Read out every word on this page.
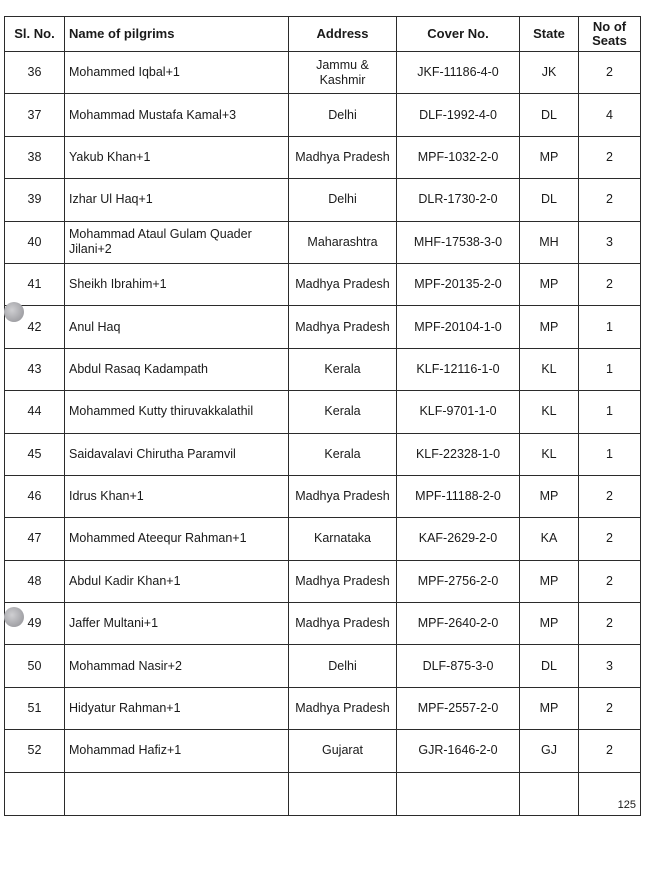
Sl. No.	Name of pilgrims	Address	Cover No.	State	No of Seats
36	Mohammed Iqbal+1	Jammu & Kashmir	JKF-11186-4-0	JK	2
37	Mohammad Mustafa Kamal+3	Delhi	DLF-1992-4-0	DL	4
38	Yakub Khan+1	Madhya Pradesh	MPF-1032-2-0	MP	2
39	Izhar Ul Haq+1	Delhi	DLR-1730-2-0	DL	2
40	Mohammad Ataul Gulam Quader Jilani+2	Maharashtra	MHF-17538-3-0	MH	3
41	Sheikh Ibrahim+1	Madhya Pradesh	MPF-20135-2-0	MP	2
42	Anul Haq	Madhya Pradesh	MPF-20104-1-0	MP	1
43	Abdul Rasaq Kadampath	Kerala	KLF-12116-1-0	KL	1
44	Mohammed Kutty thiruvakkalathil	Kerala	KLF-9701-1-0	KL	1
45	Saidavalavi Chirutha Paramvil	Kerala	KLF-22328-1-0	KL	1
46	Idrus Khan+1	Madhya Pradesh	MPF-11188-2-0	MP	2
47	Mohammed Ateequr Rahman+1	Karnataka	KAF-2629-2-0	KA	2
48	Abdul Kadir Khan+1	Madhya Pradesh	MPF-2756-2-0	MP	2
49	Jaffer Multani+1	Madhya Pradesh	MPF-2640-2-0	MP	2
50	Mohammad Nasir+2	Delhi	DLF-875-3-0	DL	3
51	Hidyatur Rahman+1	Madhya Pradesh	MPF-2557-2-0	MP	2
52	Mohammad Hafiz+1	Gujarat	GJR-1646-2-0	GJ	2

					125
